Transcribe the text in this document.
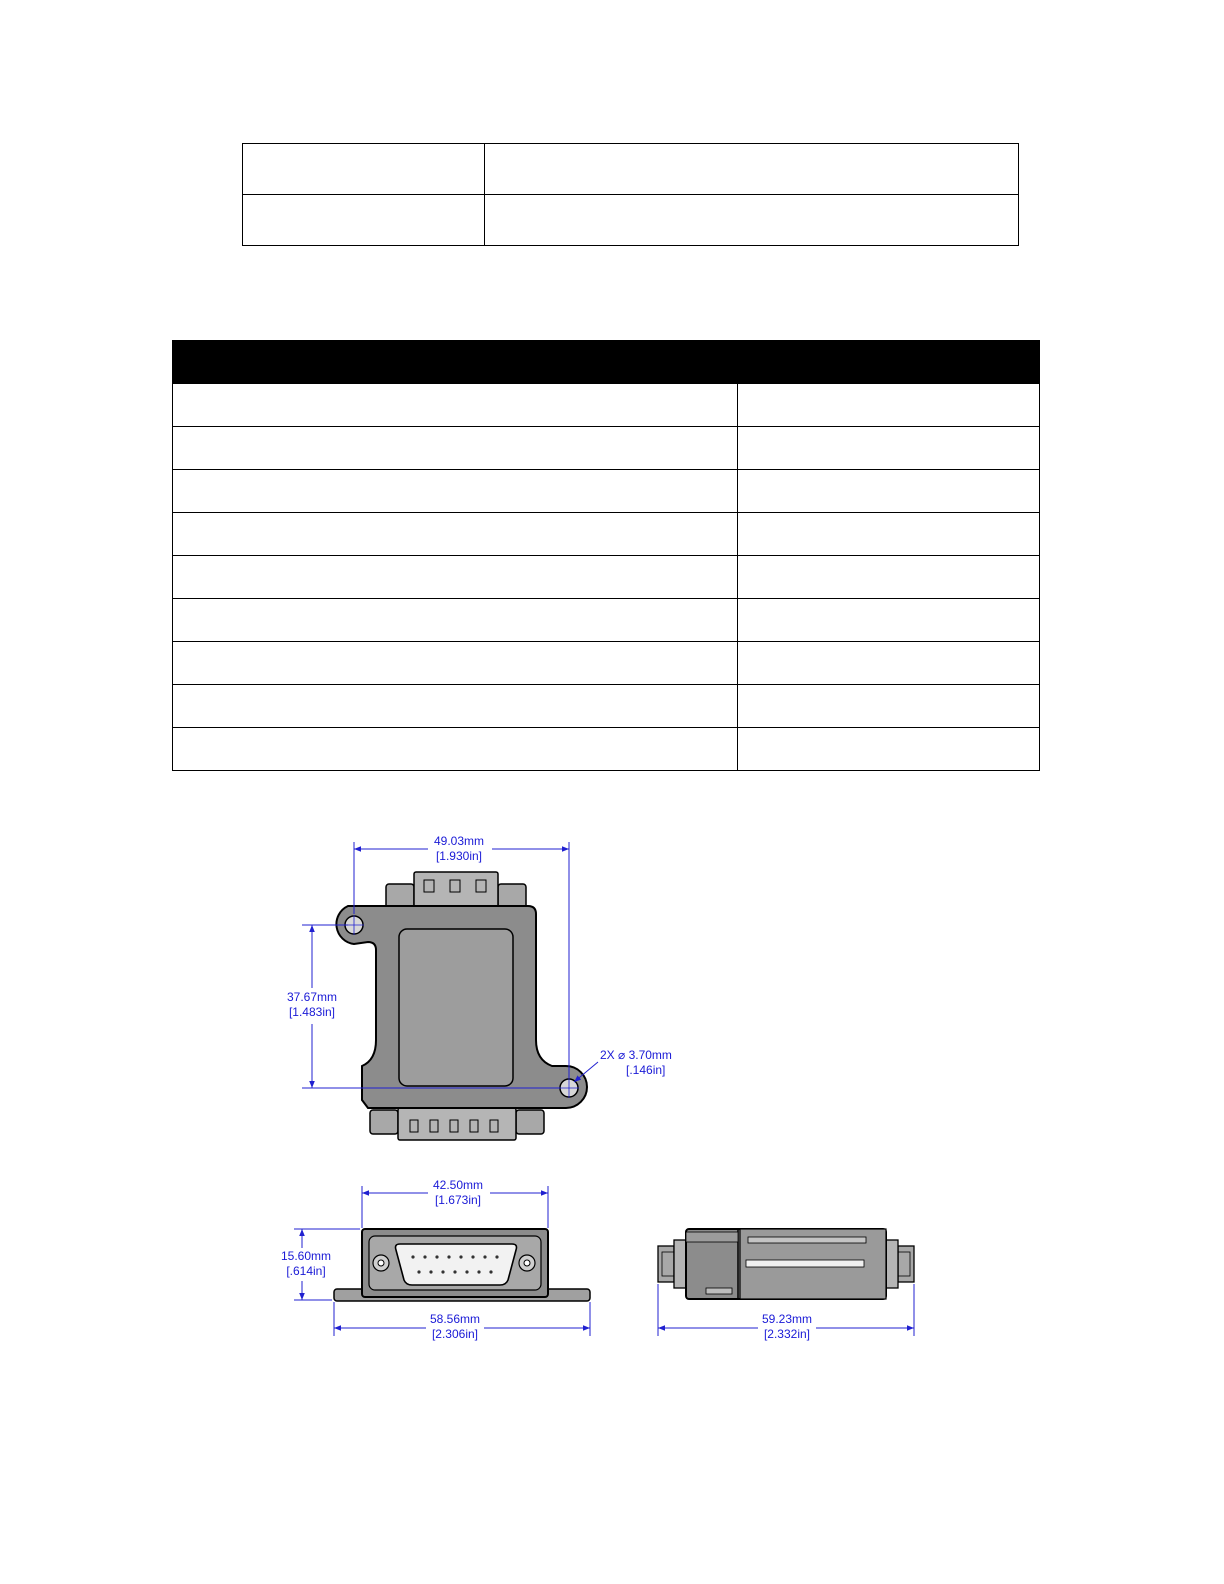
49.03mm
[1.930in]
37.67mm
[1.483in]
2X ⌀ 3.70mm
[.146in]
42.50mm
[1.673in]
15.60mm
[.614in]
58.56mm
[2.306in]
59.23mm
[2.332in]
